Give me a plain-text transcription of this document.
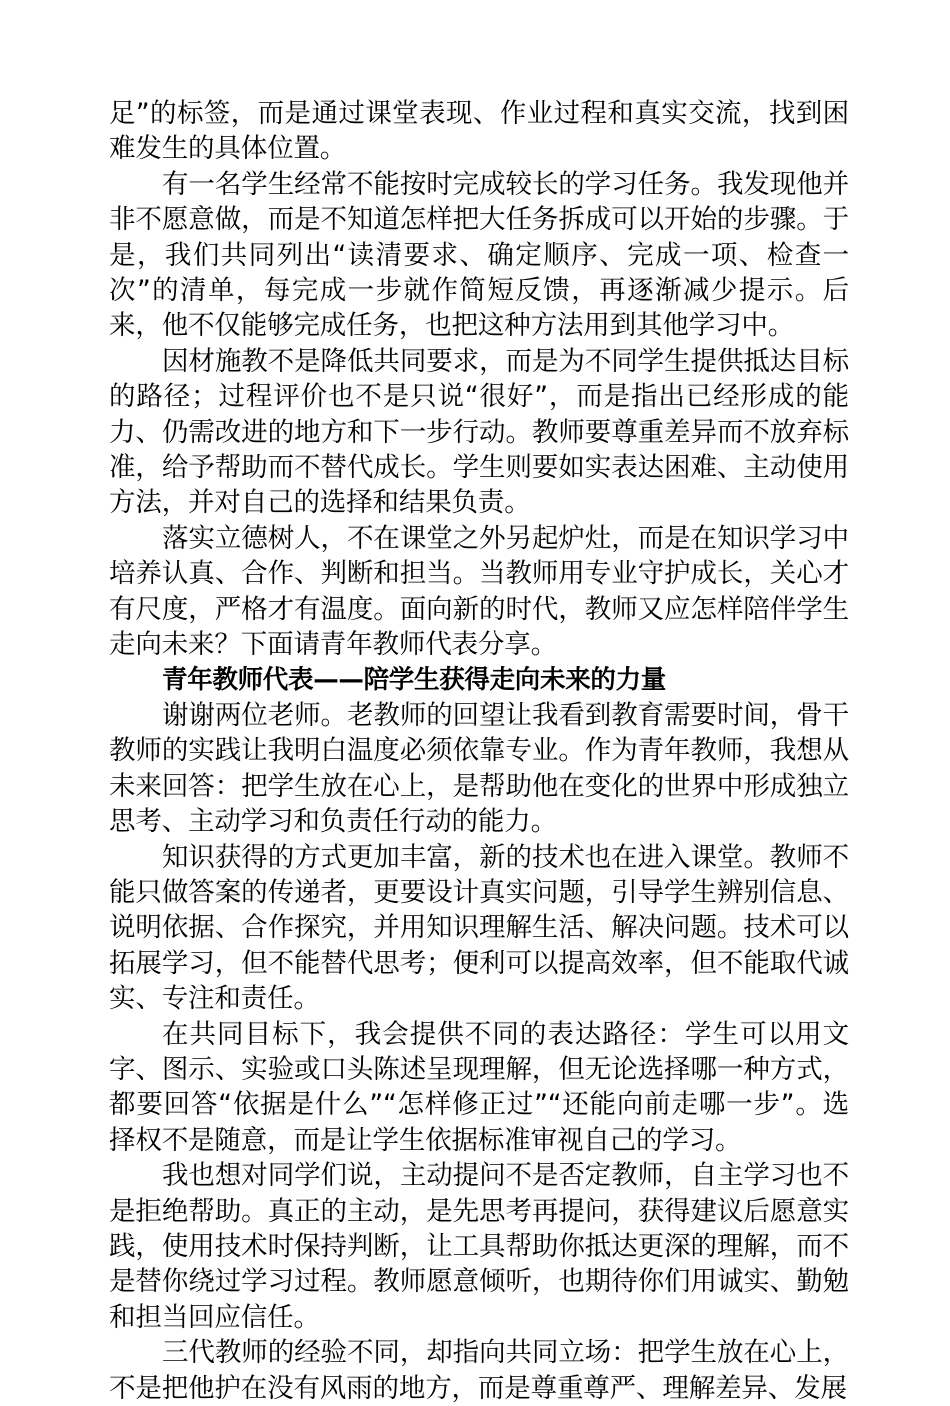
足”的标签，而是通过课堂表现、作业过程和真实交流，找到困难发生的具体位置。

有一名学生经常不能按时完成较长的学习任务。我发现他并非不愿意做，而是不知道怎样把大任务拆成可以开始的步骤。于是，我们共同列出“读清要求、确定顺序、完成一项、检查一次”的清单，每完成一步就作简短反馈，再逐渐减少提示。后来，他不仅能够完成任务，也把这种方法用到其他学习中。

因材施教不是降低共同要求，而是为不同学生提供抵达目标的路径；过程评价也不是只说“很好”，而是指出已经形成的能力、仍需改进的地方和下一步行动。教师要尊重差异而不放弃标准，给予帮助而不替代成长。学生则要如实表达困难、主动使用方法，并对自己的选择和结果负责。

落实立德树人，不在课堂之外另起炉灶，而是在知识学习中培养认真、合作、判断和担当。当教师用专业守护成长，关心才有尺度，严格才有温度。面向新的时代，教师又应怎样陪伴学生走向未来？下面请青年教师代表分享。

青年教师代表——陪学生获得走向未来的力量

谢谢两位老师。老教师的回望让我看到教育需要时间，骨干教师的实践让我明白温度必须依靠专业。作为青年教师，我想从未来回答：把学生放在心上，是帮助他在变化的世界中形成独立思考、主动学习和负责任行动的能力。

知识获得的方式更加丰富，新的技术也在进入课堂。教师不能只做答案的传递者，更要设计真实问题，引导学生辨别信息、说明依据、合作探究，并用知识理解生活、解决问题。技术可以拓展学习，但不能替代思考；便利可以提高效率，但不能取代诚实、专注和责任。

在共同目标下，我会提供不同的表达路径：学生可以用文字、图示、实验或口头陈述呈现理解，但无论选择哪一种方式，都要回答“依据是什么”“怎样修正过”“还能向前走哪一步”。选择权不是随意，而是让学生依据标准审视自己的学习。

我也想对同学们说，主动提问不是否定教师，自主学习也不是拒绝帮助。真正的主动，是先思考再提问，获得建议后愿意实践，使用技术时保持判断，让工具帮助你抵达更深的理解，而不是替你绕过学习过程。教师愿意倾听，也期待你们用诚实、勤勉和担当回应信任。

三代教师的经验不同，却指向共同立场：把学生放在心上，不是把他护在没有风雨的地方，而是尊重尊严、理解差异、发展
